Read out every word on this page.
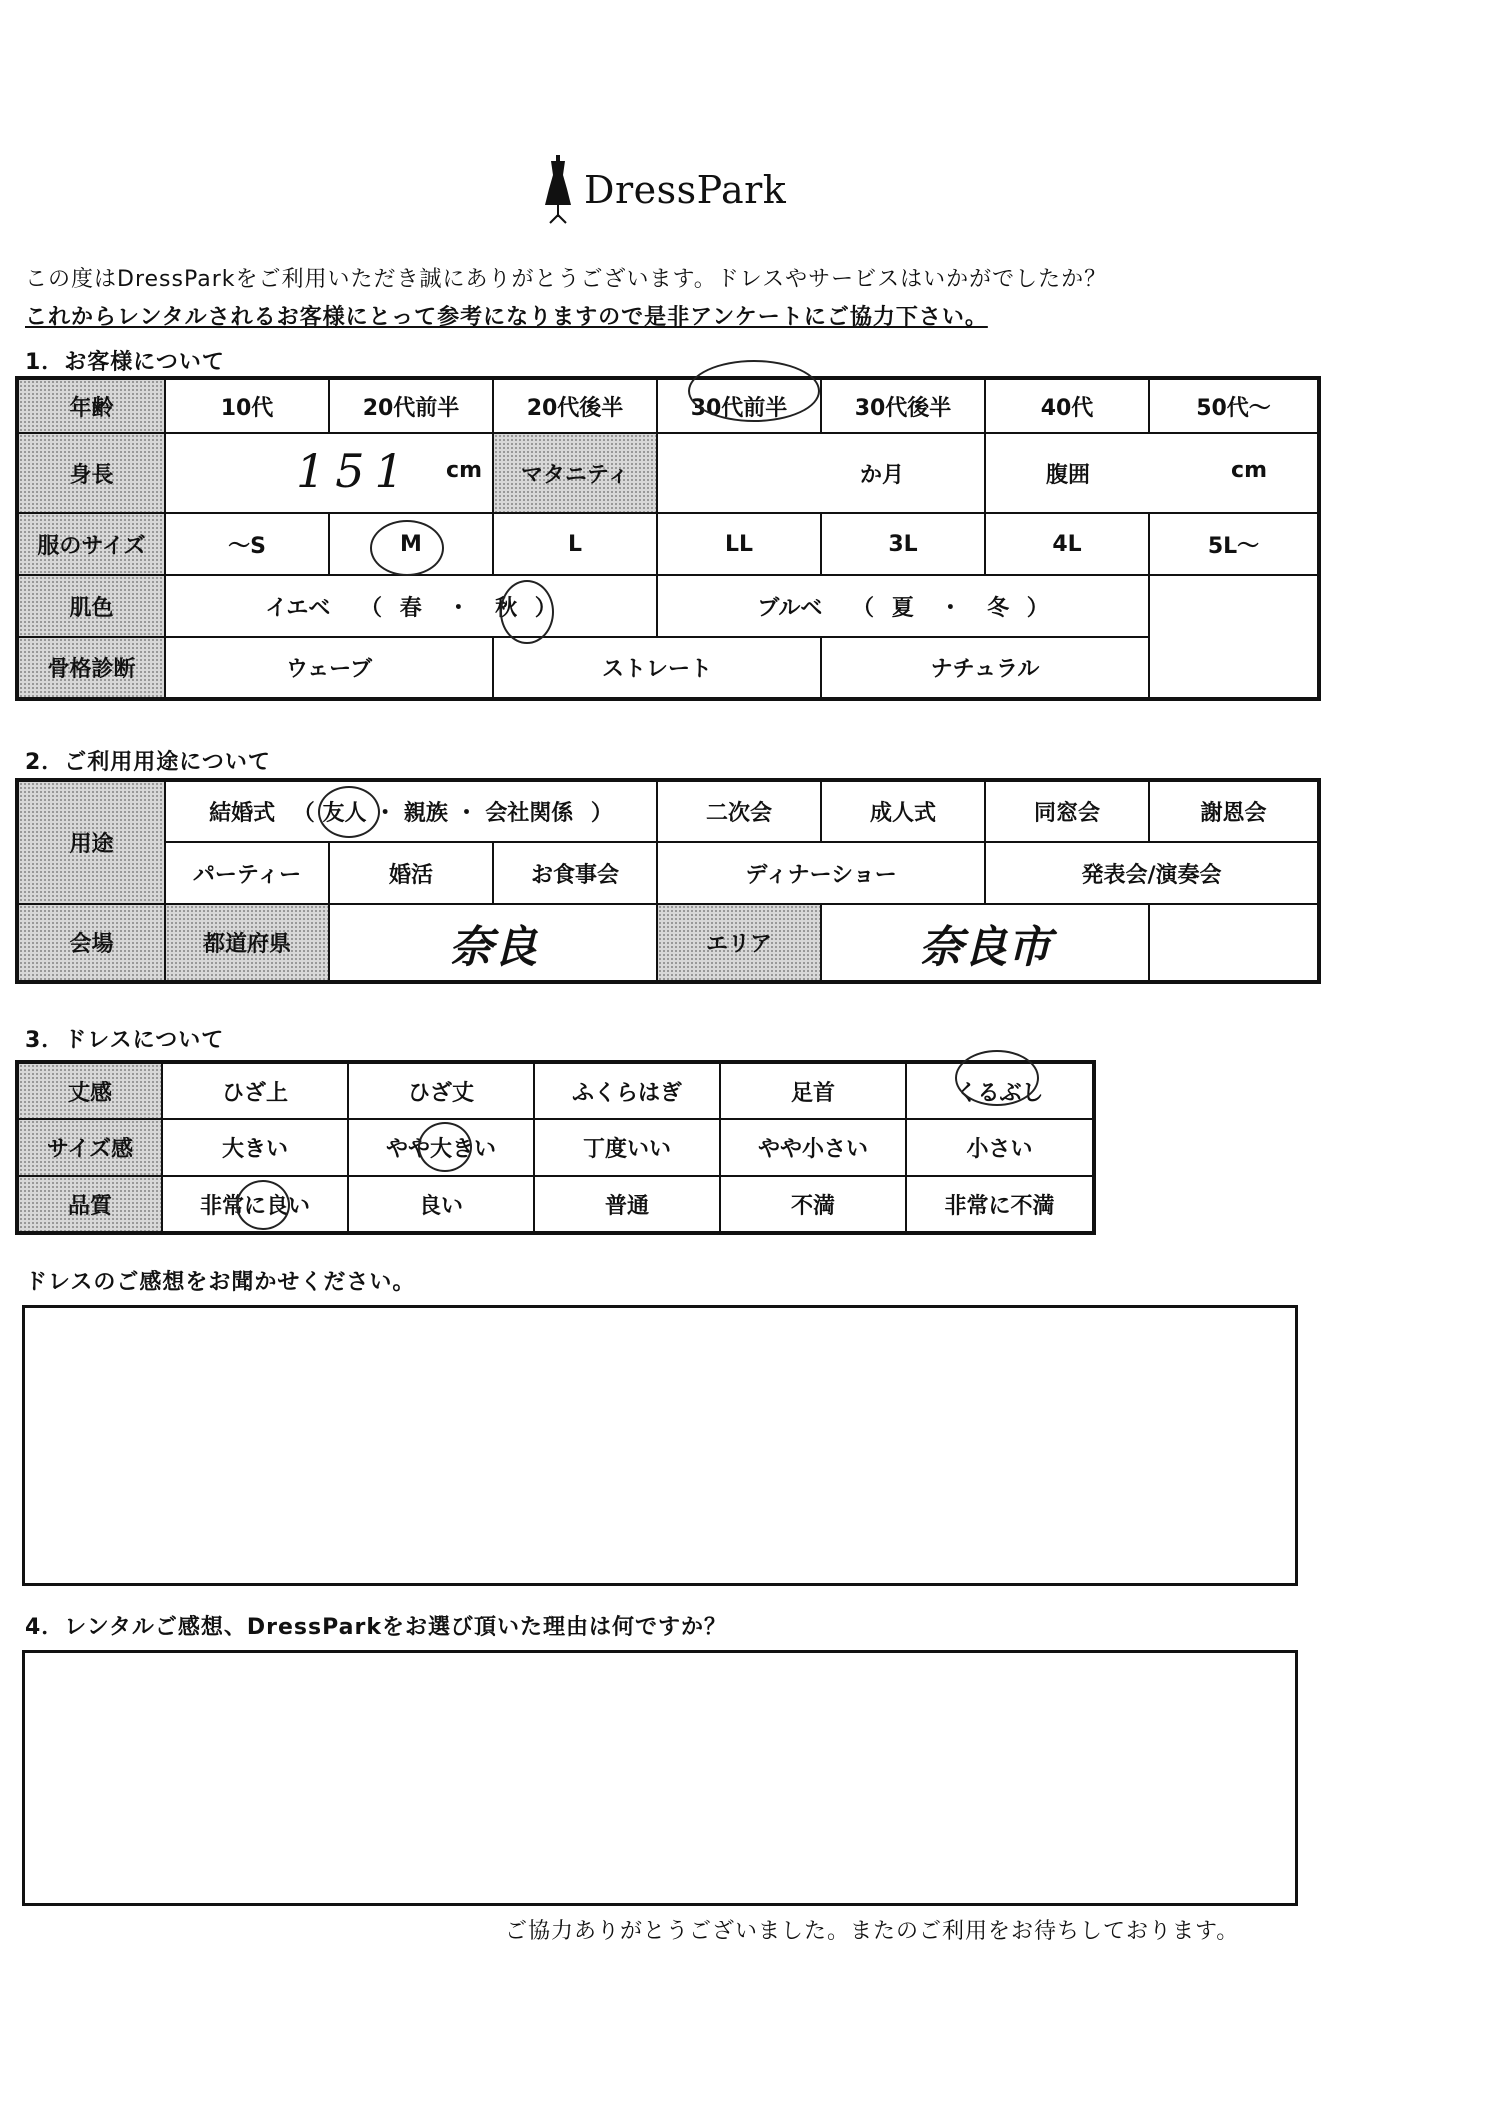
DressPark
この度はDressParkをご利用いただき誠にありがとうございます。ドレスやサービスはいかがでしたか？
これからレンタルされるお客様にとって参考になりますので是非アンケートにご協力下さい。
1．お客様について
年齢	10代	20代前半	20代後半	30代前半	30代後半	40代	50代〜
身長	151 cm		マタニティ	か月		腹囲 cm	

服のサイズ	〜S	M	L	LL	3L	4L	5L〜
肌色	イエベ （ 春 ・ 秋 ）			ブルベ （ 夏 ・ 冬 ）			
骨格診断	ウェーブ		ストレート		ナチュラル		
2．ご利用用途について
用途	結婚式 （ 友人 ・ 親族 ・ 会社関係 ）			二次会	成人式	同窓会	謝恩会
	パーティー	婚活	お食事会	ディナーショー		発表会/演奏会	
会場	都道府県	奈良		エリア	奈良市		
3．ドレスについて
丈感	ひざ上	ひざ丈	ふくらはぎ	足首	くるぶし
サイズ感	大きい	やや大きい	丁度いい	やや小さい	小さい
品質	非常に良い	良い	普通	不満	非常に不満
ドレスのご感想をお聞かせください。
4．レンタルご感想、DressParkをお選び頂いた理由は何ですか？
ご協力ありがとうございました。またのご利用をお待ちしております。
